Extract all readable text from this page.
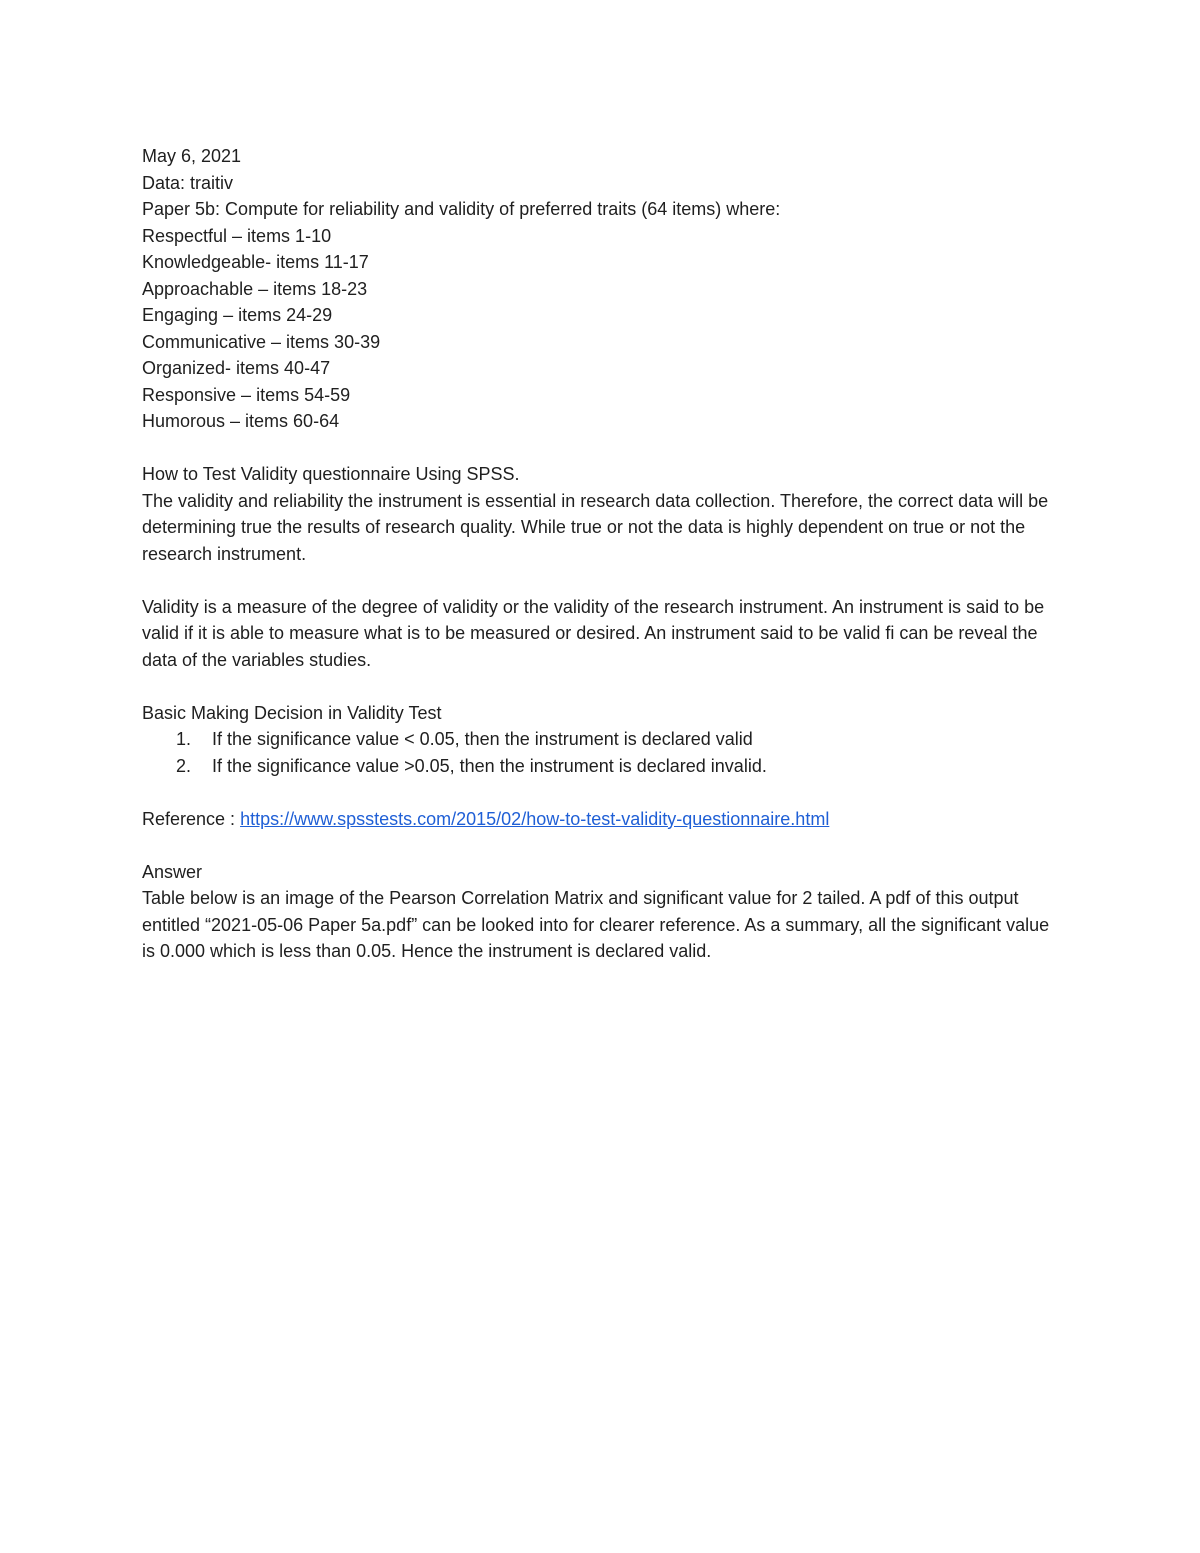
May 6, 2021
Data: traitiv
Paper 5b: Compute for reliability and validity of preferred traits (64 items) where:
Respectful – items 1-10
Knowledgeable- items 11-17
Approachable – items 18-23
Engaging – items 24-29
Communicative – items 30-39
Organized- items 40-47
Responsive – items 54-59
Humorous – items 60-64
How to Test Validity questionnaire Using SPSS.
The validity and reliability the instrument is essential in research data collection. Therefore, the correct data will be determining true the results of research quality. While true or not the data is highly dependent on true or not the research instrument.
Validity is a measure of the degree of validity or the validity of the research instrument. An instrument is said to be valid if it is able to measure what is to be measured or desired. An instrument said to be valid fi can be reveal the data of the variables studies.
Basic Making Decision in Validity Test
1. If the significance value < 0.05, then the instrument is declared valid
2. If the significance value >0.05, then the instrument is declared invalid.
Reference : https://www.spsstests.com/2015/02/how-to-test-validity-questionnaire.html
Answer
Table below is an image of the Pearson Correlation Matrix and significant value for 2 tailed. A pdf of this output entitled “2021-05-06 Paper 5a.pdf” can be looked into for clearer reference. As a summary, all the significant value is 0.000 which is less than 0.05. Hence the instrument is declared valid.
